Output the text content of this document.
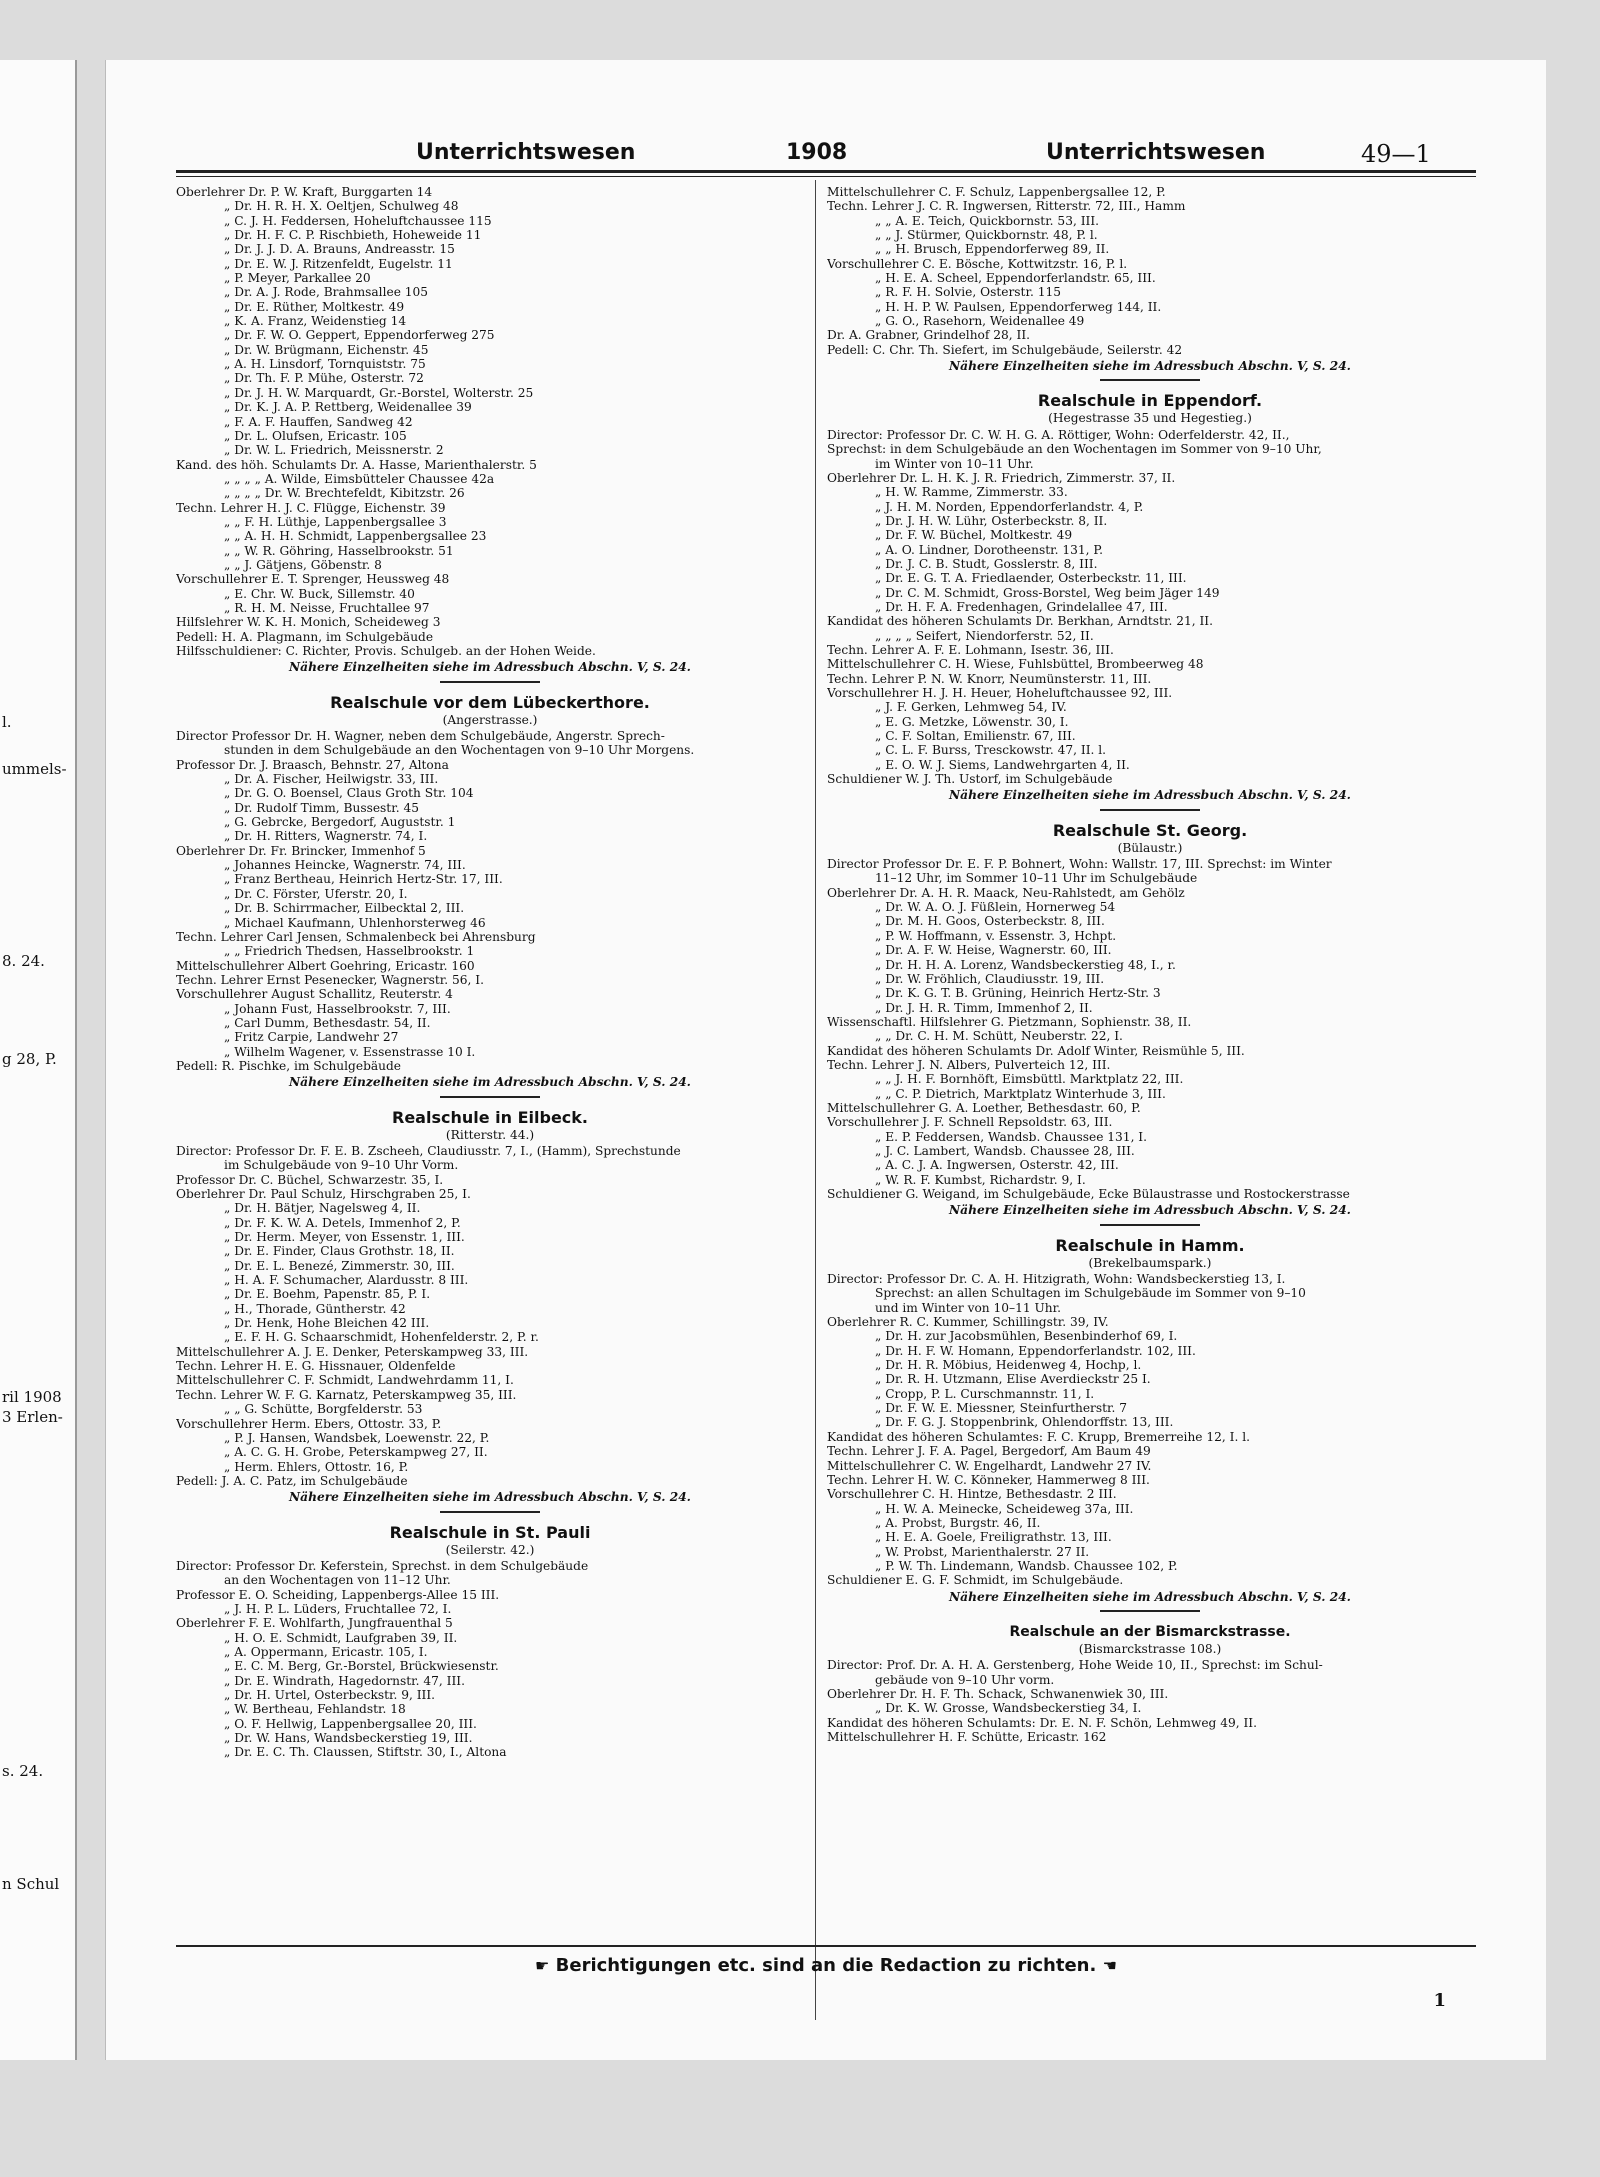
l.
ummels-
8. 24.
g 28, P.
ril 1908
3 Erlen-
s. 24.
n Schul
Unterrichtswesen	1908	Unterrichtswesen	49—1
Oberlehrer Dr. P. W. Kraft, Burggarten 14
„ Dr. H. R. H. X. Oeltjen, Schulweg 48
„ C. J. H. Feddersen, Hoheluftchaussee 115
„ Dr. H. F. C. P. Rischbieth, Hoheweide 11
„ Dr. J. J. D. A. Brauns, Andreasstr. 15
„ Dr. E. W. J. Ritzenfeldt, Eugelstr. 11
„ P. Meyer, Parkallee 20
„ Dr. A. J. Rode, Brahmsallee 105
„ Dr. E. Rüther, Moltkestr. 49
„ K. A. Franz, Weidenstieg 14
„ Dr. F. W. O. Geppert, Eppendorferweg 275
„ Dr. W. Brügmann, Eichenstr. 45
„ A. H. Linsdorf, Tornquiststr. 75
„ Dr. Th. F. P. Mühe, Osterstr. 72
„ Dr. J. H. W. Marquardt, Gr.-Borstel, Wolterstr. 25
„ Dr. K. J. A. P. Rettberg, Weidenallee 39
„ F. A. F. Hauffen, Sandweg 42
„ Dr. L. Olufsen, Ericastr. 105
„ Dr. W. L. Friedrich, Meissnerstr. 2
Kand. des höh. Schulamts Dr. A. Hasse, Marienthalerstr. 5
„ „ „ „ A. Wilde, Eimsbütteler Chaussee 42a
„ „ „ „ Dr. W. Brechtefeldt, Kibitzstr. 26
Techn. Lehrer H. J. C. Flügge, Eichenstr. 39
„ „ F. H. Lüthje, Lappenbergsallee 3
„ „ A. H. H. Schmidt, Lappenbergsallee 23
„ „ W. R. Göhring, Hasselbrookstr. 51
„ „ J. Gätjens, Göbenstr. 8
Vorschullehrer E. T. Sprenger, Heussweg 48
„ E. Chr. W. Buck, Sillemstr. 40
„ R. H. M. Neisse, Fruchtallee 97
Hilfslehrer W. K. H. Monich, Scheideweg 3
Pedell: H. A. Plagmann, im Schulgebäude
Hilfsschuldiener: C. Richter, Provis. Schulgeb. an der Hohen Weide.
Nähere Einzelheiten siehe im Adressbuch Abschn. V, S. 24.
Realschule vor dem Lübeckerthore.
(Angerstrasse.)
Director Professor Dr. H. Wagner, neben dem Schulgebäude, Angerstr. Sprech-
stunden in dem Schulgebäude an den Wochentagen von 9–10 Uhr Morgens.
Professor Dr. J. Braasch, Behnstr. 27, Altona
„ Dr. A. Fischer, Heilwigstr. 33, III.
„ Dr. G. O. Boensel, Claus Groth Str. 104
„ Dr. Rudolf Timm, Bussestr. 45
„ G. Gebrcke, Bergedorf, Auguststr. 1
„ Dr. H. Ritters, Wagnerstr. 74, I.
Oberlehrer Dr. Fr. Brincker, Immenhof 5
„ Johannes Heincke, Wagnerstr. 74, III.
„ Franz Bertheau, Heinrich Hertz-Str. 17, III.
„ Dr. C. Förster, Uferstr. 20, I.
„ Dr. B. Schirrmacher, Eilbecktal 2, III.
„ Michael Kaufmann, Uhlenhorsterweg 46
Techn. Lehrer Carl Jensen, Schmalenbeck bei Ahrensburg
„ „ Friedrich Thedsen, Hasselbrookstr. 1
Mittelschullehrer Albert Goehring, Ericastr. 160
Techn. Lehrer Ernst Pesenecker, Wagnerstr. 56, I.
Vorschullehrer August Schallitz, Reuterstr. 4
„ Johann Fust, Hasselbrookstr. 7, III.
„ Carl Dumm, Bethesdastr. 54, II.
„ Fritz Carpie, Landwehr 27
„ Wilhelm Wagener, v. Essenstrasse 10 I.
Pedell: R. Pischke, im Schulgebäude
Nähere Einzelheiten siehe im Adressbuch Abschn. V, S. 24.
Realschule in Eilbeck.
(Ritterstr. 44.)
Director: Professor Dr. F. E. B. Zscheeh, Claudiusstr. 7, I., (Hamm), Sprechstunde
im Schulgebäude von 9–10 Uhr Vorm.
Professor Dr. C. Büchel, Schwarzestr. 35, I.
Oberlehrer Dr. Paul Schulz, Hirschgraben 25, I.
„ Dr. H. Bätjer, Nagelsweg 4, II.
„ Dr. F. K. W. A. Detels, Immenhof 2, P.
„ Dr. Herm. Meyer, von Essenstr. 1, III.
„ Dr. E. Finder, Claus Grothstr. 18, II.
„ Dr. E. L. Benezé, Zimmerstr. 30, III.
„ H. A. F. Schumacher, Alardusstr. 8 III.
„ Dr. E. Boehm, Papenstr. 85, P. I.
„ H., Thorade, Güntherstr. 42
„ Dr. Henk, Hohe Bleichen 42 III.
„ E. F. H. G. Schaarschmidt, Hohenfelderstr. 2, P. r.
Mittelschullehrer A. J. E. Denker, Peterskampweg 33, III.
Techn. Lehrer H. E. G. Hissnauer, Oldenfelde
Mittelschullehrer C. F. Schmidt, Landwehrdamm 11, I.
Techn. Lehrer W. F. G. Karnatz, Peterskampweg 35, III.
„ „ G. Schütte, Borgfelderstr. 53
Vorschullehrer Herm. Ebers, Ottostr. 33, P.
„ P. J. Hansen, Wandsbek, Loewenstr. 22, P.
„ A. C. G. H. Grobe, Peterskampweg 27, II.
„ Herm. Ehlers, Ottostr. 16, P.
Pedell: J. A. C. Patz, im Schulgebäude
Nähere Einzelheiten siehe im Adressbuch Abschn. V, S. 24.
Realschule in St. Pauli
(Seilerstr. 42.)
Director: Professor Dr. Keferstein, Sprechst. in dem Schulgebäude
an den Wochentagen von 11–12 Uhr.
Professor E. O. Scheiding, Lappenbergs-Allee 15 III.
„ J. H. P. L. Lüders, Fruchtallee 72, I.
Oberlehrer F. E. Wohlfarth, Jungfrauenthal 5
„ H. O. E. Schmidt, Laufgraben 39, II.
„ A. Oppermann, Ericastr. 105, I.
„ E. C. M. Berg, Gr.-Borstel, Brückwiesenstr.
„ Dr. E. Windrath, Hagedornstr. 47, III.
„ Dr. H. Urtel, Osterbeckstr. 9, III.
„ W. Bertheau, Fehlandstr. 18
„ O. F. Hellwig, Lappenbergsallee 20, III.
„ Dr. W. Hans, Wandsbeckerstieg 19, III.
„ Dr. E. C. Th. Claussen, Stiftstr. 30, I., Altona
Mittelschullehrer C. F. Schulz, Lappenbergsallee 12, P.
Techn. Lehrer J. C. R. Ingwersen, Ritterstr. 72, III., Hamm
„ „ A. E. Teich, Quickbornstr. 53, III.
„ „ J. Stürmer, Quickbornstr. 48, P. l.
„ „ H. Brusch, Eppendorferweg 89, II.
Vorschullehrer C. E. Bösche, Kottwitzstr. 16, P. l.
„ H. E. A. Scheel, Eppendorferlandstr. 65, III.
„ R. F. H. Solvie, Osterstr. 115
„ H. H. P. W. Paulsen, Eppendorferweg 144, II.
„ G. O., Rasehorn, Weidenallee 49
Dr. A. Grabner, Grindelhof 28, II.
Pedell: C. Chr. Th. Siefert, im Schulgebäude, Seilerstr. 42
Nähere Einzelheiten siehe im Adressbuch Abschn. V, S. 24.
Realschule in Eppendorf.
(Hegestrasse 35 und Hegestieg.)
Director: Professor Dr. C. W. H. G. A. Röttiger, Wohn: Oderfelderstr. 42, II.,
Sprechst: in dem Schulgebäude an den Wochentagen im Sommer von 9–10 Uhr,
im Winter von 10–11 Uhr.
Oberlehrer Dr. L. H. K. J. R. Friedrich, Zimmerstr. 37, II.
„ H. W. Ramme, Zimmerstr. 33.
„ J. H. M. Norden, Eppendorferlandstr. 4, P.
„ Dr. J. H. W. Lühr, Osterbeckstr. 8, II.
„ Dr. F. W. Büchel, Moltkestr. 49
„ A. O. Lindner, Dorotheenstr. 131, P.
„ Dr. J. C. B. Studt, Gosslerstr. 8, III.
„ Dr. E. G. T. A. Friedlaender, Osterbeckstr. 11, III.
„ Dr. C. M. Schmidt, Gross-Borstel, Weg beim Jäger 149
„ Dr. H. F. A. Fredenhagen, Grindelallee 47, III.
Kandidat des höheren Schulamts Dr. Berkhan, Arndtstr. 21, II.
„ „ „ „ Seifert, Niendorferstr. 52, II.
Techn. Lehrer A. F. E. Lohmann, Isestr. 36, III.
Mittelschullehrer C. H. Wiese, Fuhlsbüttel, Brombeerweg 48
Techn. Lehrer P. N. W. Knorr, Neumünsterstr. 11, III.
Vorschullehrer H. J. H. Heuer, Hoheluftchaussee 92, III.
„ J. F. Gerken, Lehmweg 54, IV.
„ E. G. Metzke, Löwenstr. 30, I.
„ C. F. Soltan, Emilienstr. 67, III.
„ C. L. F. Burss, Tresckowstr. 47, II. l.
„ E. O. W. J. Siems, Landwehrgarten 4, II.
Schuldiener W. J. Th. Ustorf, im Schulgebäude
Nähere Einzelheiten siehe im Adressbuch Abschn. V, S. 24.
Realschule St. Georg.
(Bülaustr.)
Director Professor Dr. E. F. P. Bohnert, Wohn: Wallstr. 17, III. Sprechst: im Winter
11–12 Uhr, im Sommer 10–11 Uhr im Schulgebäude
Oberlehrer Dr. A. H. R. Maack, Neu-Rahlstedt, am Gehölz
„ Dr. W. A. O. J. Füßlein, Hornerweg 54
„ Dr. M. H. Goos, Osterbeckstr. 8, III.
„ P. W. Hoffmann, v. Essenstr. 3, Hchpt.
„ Dr. A. F. W. Heise, Wagnerstr. 60, III.
„ Dr. H. H. A. Lorenz, Wandsbeckerstieg 48, I., r.
„ Dr. W. Fröhlich, Claudiusstr. 19, III.
„ Dr. K. G. T. B. Grüning, Heinrich Hertz-Str. 3
„ Dr. J. H. R. Timm, Immenhof 2, II.
Wissenschaftl. Hilfslehrer G. Pietzmann, Sophienstr. 38, II.
„ „ Dr. C. H. M. Schütt, Neuberstr. 22, I.
Kandidat des höheren Schulamts Dr. Adolf Winter, Reismühle 5, III.
Techn. Lehrer J. N. Albers, Pulverteich 12, III.
„ „ J. H. F. Bornhöft, Eimsbüttl. Marktplatz 22, III.
„ „ C. P. Dietrich, Marktplatz Winterhude 3, III.
Mittelschullehrer G. A. Loether, Bethesdastr. 60, P.
Vorschullehrer J. F. Schnell Repsoldstr. 63, III.
„ E. P. Feddersen, Wandsb. Chaussee 131, I.
„ J. C. Lambert, Wandsb. Chaussee 28, III.
„ A. C. J. A. Ingwersen, Osterstr. 42, III.
„ W. R. F. Kumbst, Richardstr. 9, I.
Schuldiener G. Weigand, im Schulgebäude, Ecke Bülaustrasse und Rostockerstrasse
Nähere Einzelheiten siehe im Adressbuch Abschn. V, S. 24.
Realschule in Hamm.
(Brekelbaumspark.)
Director: Professor Dr. C. A. H. Hitzigrath, Wohn: Wandsbeckerstieg 13, I.
Sprechst: an allen Schultagen im Schulgebäude im Sommer von 9–10
und im Winter von 10–11 Uhr.
Oberlehrer R. C. Kummer, Schillingstr. 39, IV.
„ Dr. H. zur Jacobsmühlen, Besenbinderhof 69, I.
„ Dr. H. F. W. Homann, Eppendorferlandstr. 102, III.
„ Dr. H. R. Möbius, Heidenweg 4, Hochp, l.
„ Dr. R. H. Utzmann, Elise Averdieckstr 25 I.
„ Cropp, P. L. Curschmannstr. 11, I.
„ Dr. F. W. E. Miessner, Steinfurtherstr. 7
„ Dr. F. G. J. Stoppenbrink, Ohlendorffstr. 13, III.
Kandidat des höheren Schulamtes: F. C. Krupp, Bremerreihe 12, I. l.
Techn. Lehrer J. F. A. Pagel, Bergedorf, Am Baum 49
Mittelschullehrer C. W. Engelhardt, Landwehr 27 IV.
Techn. Lehrer H. W. C. Könneker, Hammerweg 8 III.
Vorschullehrer C. H. Hintze, Bethesdastr. 2 III.
„ H. W. A. Meinecke, Scheideweg 37a, III.
„ A. Probst, Burgstr. 46, II.
„ H. E. A. Goele, Freiligrathstr. 13, III.
„ W. Probst, Marienthalerstr. 27 II.
„ P. W. Th. Lindemann, Wandsb. Chaussee 102, P.
Schuldiener E. G. F. Schmidt, im Schulgebäude.
Nähere Einzelheiten siehe im Adressbuch Abschn. V, S. 24.
Realschule an der Bismarckstrasse.
(Bismarckstrasse 108.)
Director: Prof. Dr. A. H. A. Gerstenberg, Hohe Weide 10, II., Sprechst: im Schul-
gebäude von 9–10 Uhr vorm.
Oberlehrer Dr. H. F. Th. Schack, Schwanenwiek 30, III.
„ Dr. K. W. Grosse, Wandsbeckerstieg 34, I.
Kandidat des höheren Schulamts: Dr. E. N. F. Schön, Lehmweg 49, II.
Mittelschullehrer H. F. Schütte, Ericastr. 162
☛ Berichtigungen etc. sind an die Redaction zu richten. ☚
1
